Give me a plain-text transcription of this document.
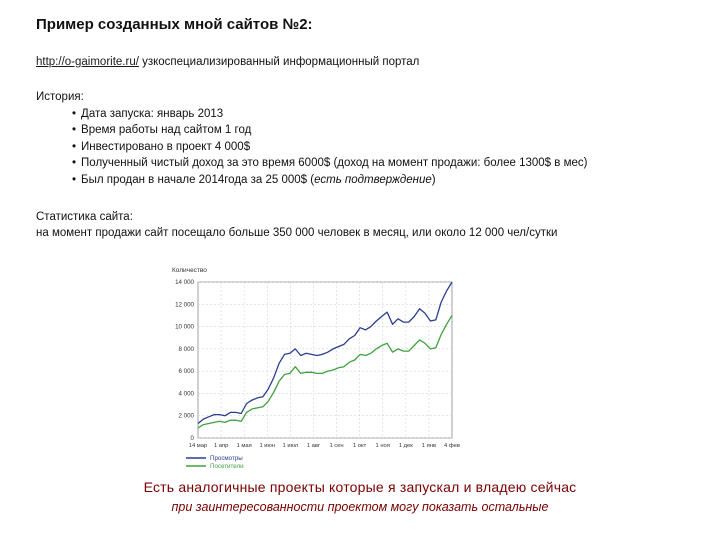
Пример созданных мной сайтов №2:
http://o-gaimorite.ru/ узкоспециализированный информационный портал
История:
• Дата запуска: январь 2013
• Время работы над сайтом 1 год
• Инвестировано в проект 4 000$
• Полученный чистый доход за это время 6000$ (доход на момент продажи: более 1300$ в мес)
• Был продан в начале 2014года за 25 000$ (есть подтверждение)
Статистика сайта:
на момент продажи сайт посещало больше 350 000 человек в месяц, или около 12 000 чел/сутки
Количество
0
2 000
4 000
6 000
8 000
10 000
12 000
14 000
14 мар 1 апр 1 мая 1 июн 1 июл 1 авг 1 сен 1 окт 1 ноя 1 дек 1 янв 4 фев
Просмотры
Посетители
Есть аналогичные проекты которые я запускал и владею сейчас
при заинтересованности проектом могу показать остальные
